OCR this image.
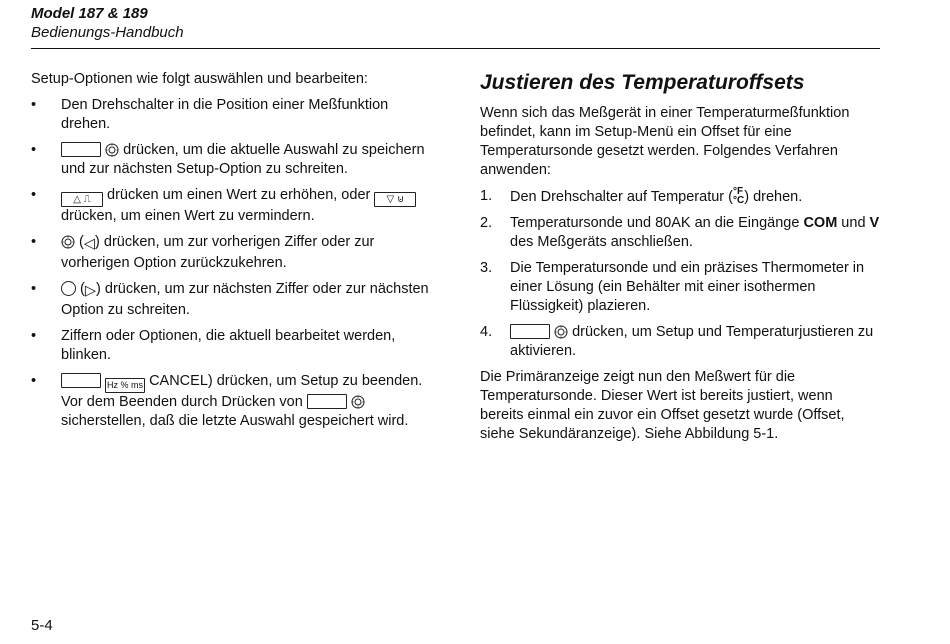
Model 187 & 189
Bedienungs-Handbuch

Setup-Optionen wie folgt auswählen und bearbeiten:

• Den Drehschalter in die Position einer Meßfunktion drehen.
•	drücken, um die aktuelle Auswahl zu speichern und zur nächsten Setup-Option zu schreiten.
•	△ ⎍ drücken um einen Wert zu erhöhen, oder ▽ ⊍ drücken, um einen Wert zu vermindern.
•	(◁) drücken, um zur vorherigen Ziffer oder zur vorherigen Option zurückzukehren.
•	(▷) drücken, um zur nächsten Ziffer oder zur nächsten Option zu schreiten.
• Ziffern oder Optionen, die aktuell bearbeitet werden, blinken.
•	Hz % ms CANCEL) drücken, um Setup zu beenden. Vor dem Beenden durch Drücken von   sicherstellen, daß die letzte Auswahl gespeichert wird.
Justieren des Temperaturoffsets

Wenn sich das Meßgerät in einer Temperaturmeßfunktion befindet, kann im Setup-Menü ein Offset für eine Temperatursonde gesetzt werden. Folgendes Verfahren anwenden:

1. Den Drehschalter auf Temperatur (°F
°C) drehen.
2. Temperatursonde und 80AK an die Eingänge COM und V des Meßgeräts anschließen.
3. Die Temperatursonde und ein präzises Thermometer in einer Lösung (ein Behälter mit einer isothermen Flüssigkeit) plazieren.
4.	drücken, um Setup und Temperaturjustieren zu aktivieren.

Die Primäranzeige zeigt nun den Meßwert für die Temperatursonde. Dieser Wert ist bereits justiert, wenn bereits einmal ein zuvor ein Offset gesetzt wurde (Offset, siehe Sekundäranzeige). Siehe Abbildung 5-1.

5-4
